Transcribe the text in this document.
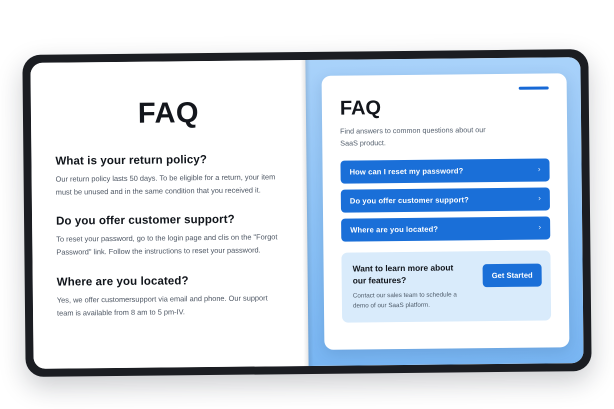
FAQ

What is your return policy?

Our return policy lasts 50 days. To be eligible for a return, your item must be unused and in the same condition that you received it.

Do you offer customer support?

To reset your password, go to the login page and clis on the "Forgot Password" link. Follow the instructions to reset your password.

Where are you located?

Yes, we offer customersupport via email and phone. Our support team is available from 8 am to 5 pm-IV.

FAQ

Find answers to common questions about our SaaS product.

How can I reset my password?	›
Do you offer customer support?	›
Where are you located?	›

Want to learn more about our features?

Contact our sales team to schedule a demo of our SaaS platform.

Get Started
